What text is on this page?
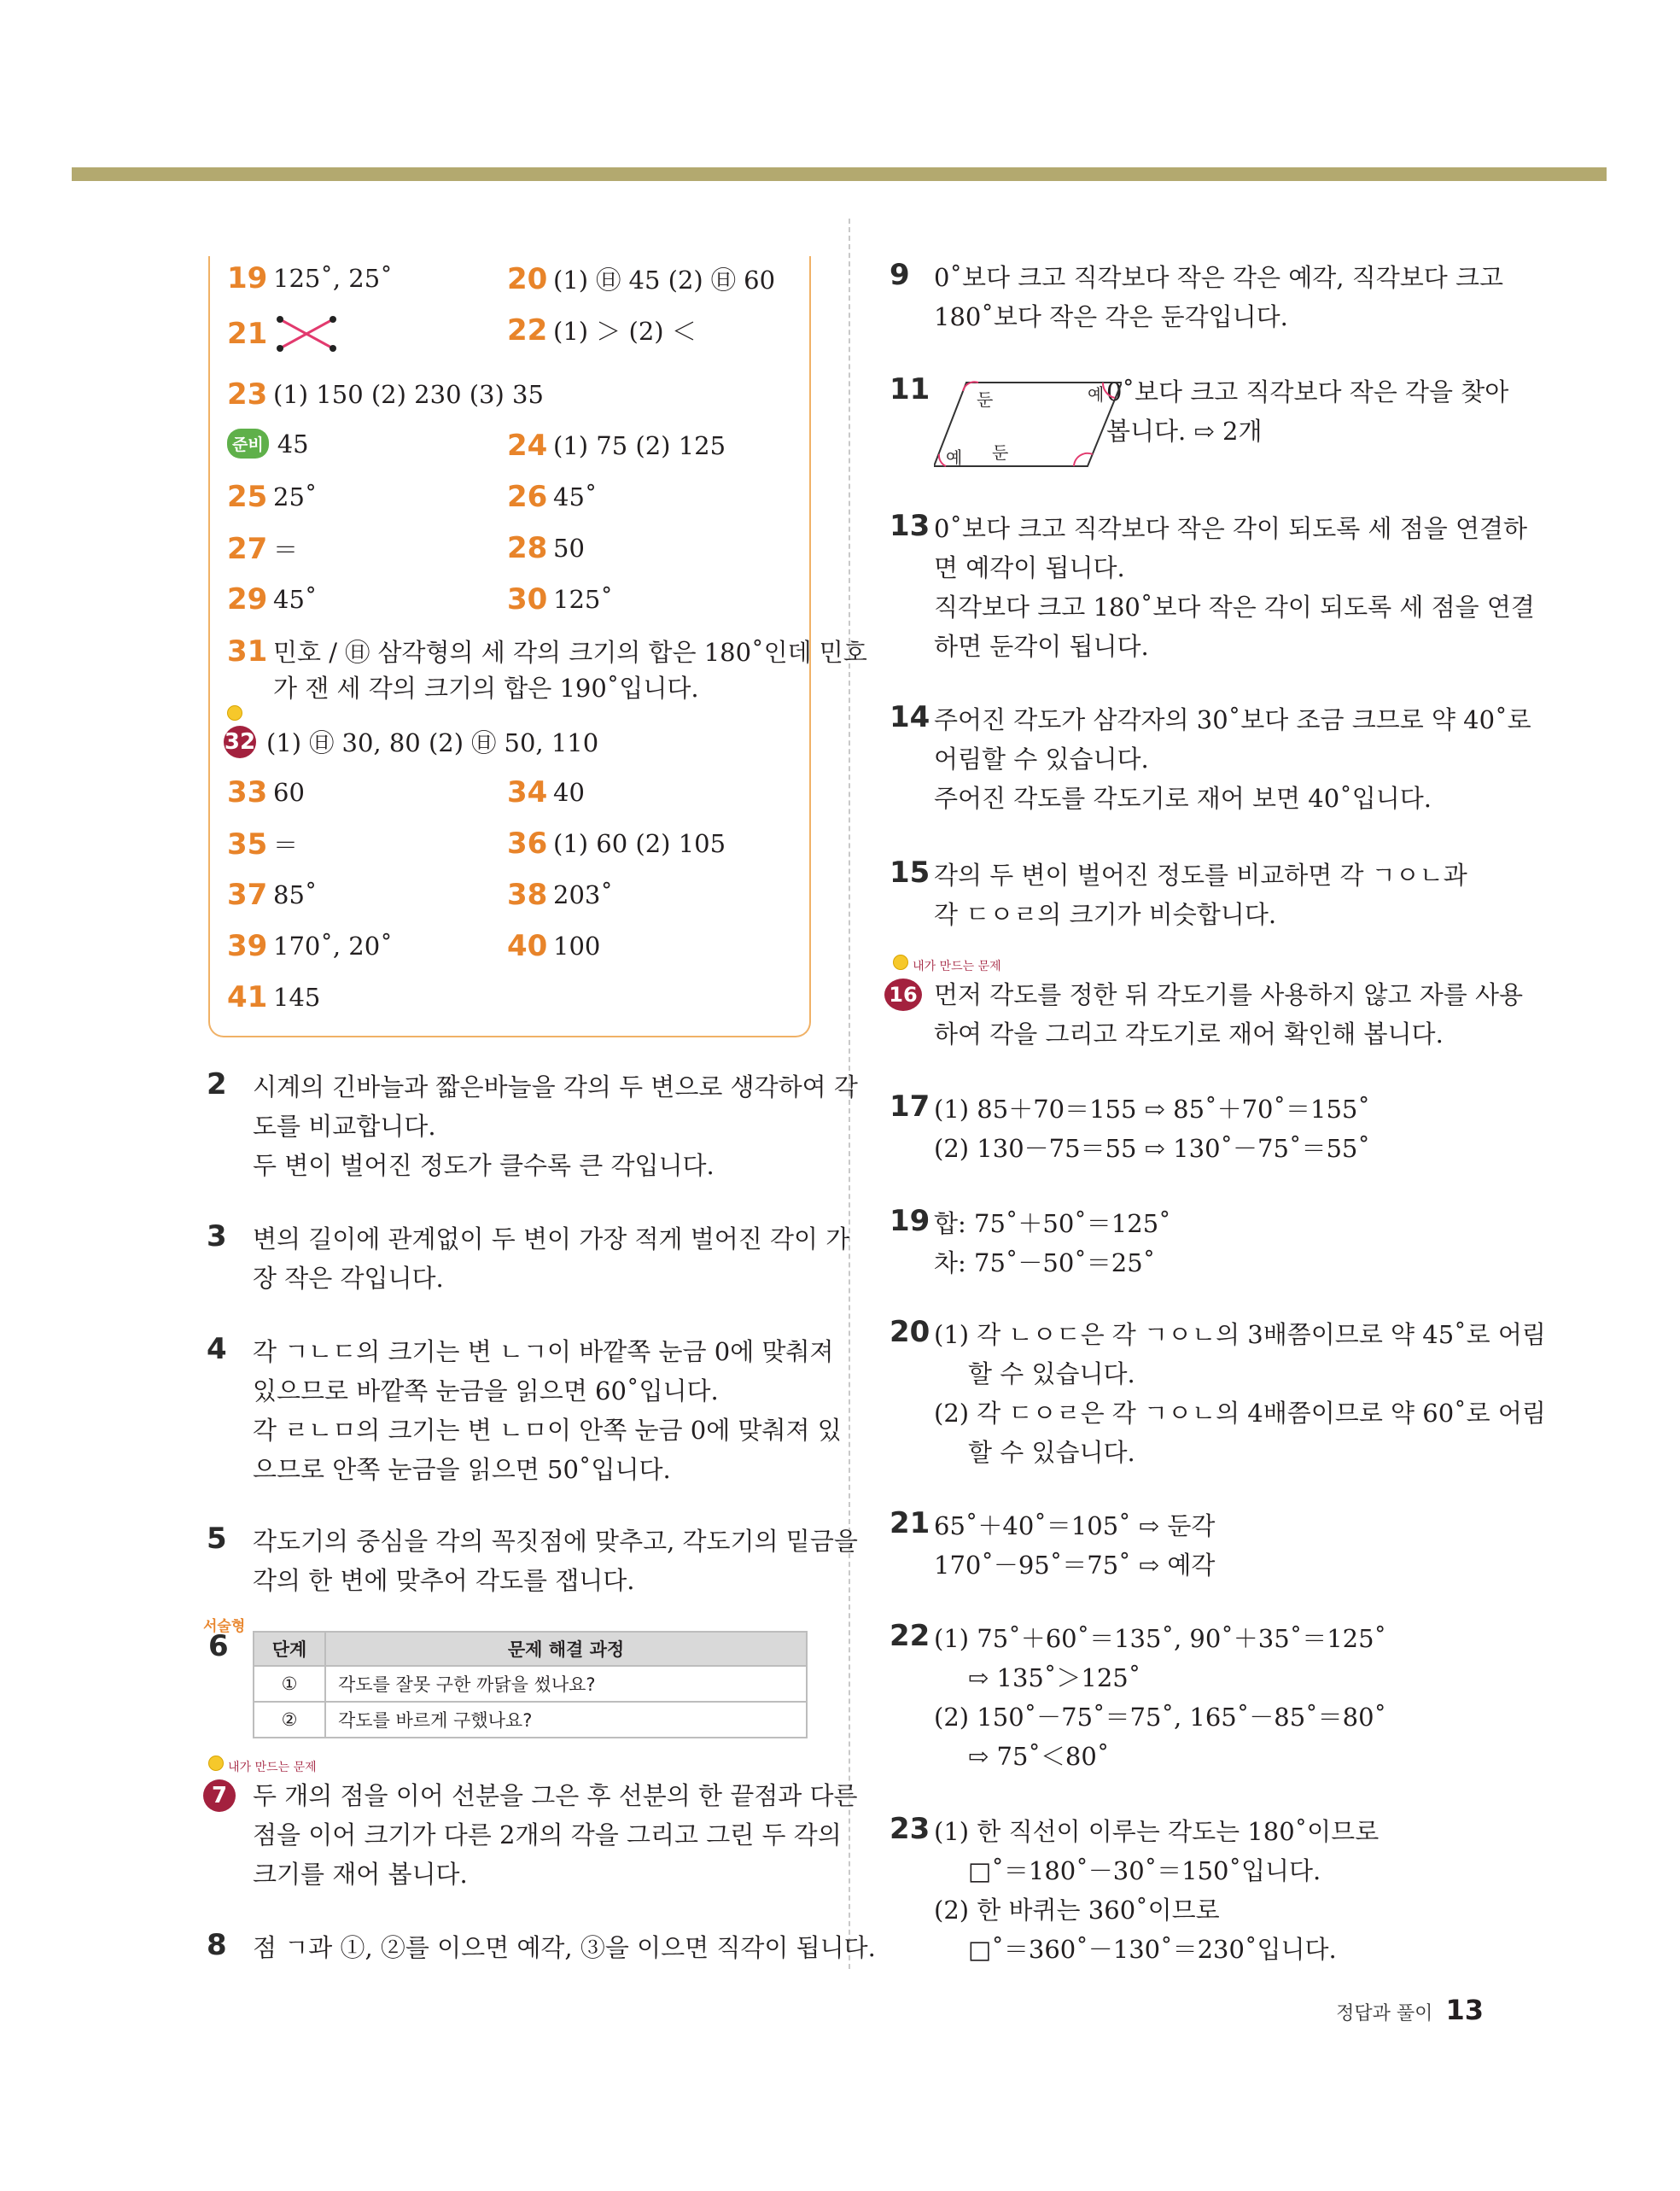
19 125˚, 25˚	20 (1) ㊐ 45 (2) ㊐ 60
21	22 (1) ＞ (2) ＜
23 (1) 150 (2) 230 (3) 35
준비 45	24 (1) 75 (2) 125
25 25˚	26 45˚
27 ＝	28 50
29 45˚	30 125˚
31 민호 / ㊐ 삼각형의 세 각의 크기의 합은 180˚인데 민호
가 잰 세 각의 크기의 합은 190˚입니다.
32 (1) ㊐ 30, 80 (2) ㊐ 50, 110
33 60	34 40
35 ＝	36 (1) 60 (2) 105
37 85˚	38 203˚
39 170˚, 20˚	40 100
41 145
2 시계의 긴바늘과 짧은바늘을 각의 두 변으로 생각하여 각
도를 비교합니다.
두 변이 벌어진 정도가 클수록 큰 각입니다.
3 변의 길이에 관계없이 두 변이 가장 적게 벌어진 각이 가
장 작은 각입니다.
4 각 ㄱㄴㄷ의 크기는 변 ㄴㄱ이 바깥쪽 눈금 0에 맞춰져
있으므로 바깥쪽 눈금을 읽으면 60˚입니다.
각 ㄹㄴㅁ의 크기는 변 ㄴㅁ이 안쪽 눈금 0에 맞춰져 있
으므로 안쪽 눈금을 읽으면 50˚입니다.
5 각도기의 중심을 각의 꼭짓점에 맞추고, 각도기의 밑금을
각의 한 변에 맞추어 각도를 잽니다.
서술형
6 단계	문제 해결 과정
①	각도를 잘못 구한 까닭을 썼나요?
②	각도를 바르게 구했나요?
내가 만드는 문제
7	두 개의 점을 이어 선분을 그은 후 선분의 한 끝점과 다른
점을 이어 크기가 다른 2개의 각을 그리고 그린 두 각의
크기를 재어 봅니다.
8 점 ㄱ과 ①, ②를 이으면 예각, ③을 이으면 직각이 됩니다.
9 0˚보다 크고 직각보다 작은 각은 예각, 직각보다 크고
180˚보다 작은 각은 둔각입니다.
11	둔	예
예 둔
0˚보다 크고 직각보다 작은 각을 찾아
봅니다. ⇨ 2개
13 0˚보다 크고 직각보다 작은 각이 되도록 세 점을 연결하
면 예각이 됩니다.
직각보다 크고 180˚보다 작은 각이 되도록 세 점을 연결
하면 둔각이 됩니다.
14 주어진 각도가 삼각자의 30˚보다 조금 크므로 약 40˚로
어림할 수 있습니다.
주어진 각도를 각도기로 재어 보면 40˚입니다.
15 각의 두 변이 벌어진 정도를 비교하면 각 ㄱㅇㄴ과
각 ㄷㅇㄹ의 크기가 비슷합니다.
내가 만드는 문제
16 먼저 각도를 정한 뒤 각도기를 사용하지 않고 자를 사용
하여 각을 그리고 각도기로 재어 확인해 봅니다.
17 (1) 85＋70＝155 ⇨ 85˚＋70˚＝155˚
(2) 130－75＝55 ⇨ 130˚－75˚＝55˚
19 합: 75˚＋50˚＝125˚
차: 75˚－50˚＝25˚
20 (1) 각 ㄴㅇㄷ은 각 ㄱㅇㄴ의 3배쯤이므로 약 45˚로 어림
할 수 있습니다.
(2) 각 ㄷㅇㄹ은 각 ㄱㅇㄴ의 4배쯤이므로 약 60˚로 어림
할 수 있습니다.
21 65˚＋40˚＝105˚ ⇨ 둔각
170˚－95˚＝75˚ ⇨ 예각
22 (1) 75˚＋60˚＝135˚, 90˚＋35˚＝125˚
⇨ 135˚＞125˚
(2) 150˚－75˚＝75˚, 165˚－85˚＝80˚
⇨ 75˚＜80˚
23 (1) 한 직선이 이루는 각도는 180˚이므로
□˚＝180˚－30˚＝150˚입니다.
(2) 한 바퀴는 360˚이므로
□˚＝360˚－130˚＝230˚입니다.
정답과 풀이 13
